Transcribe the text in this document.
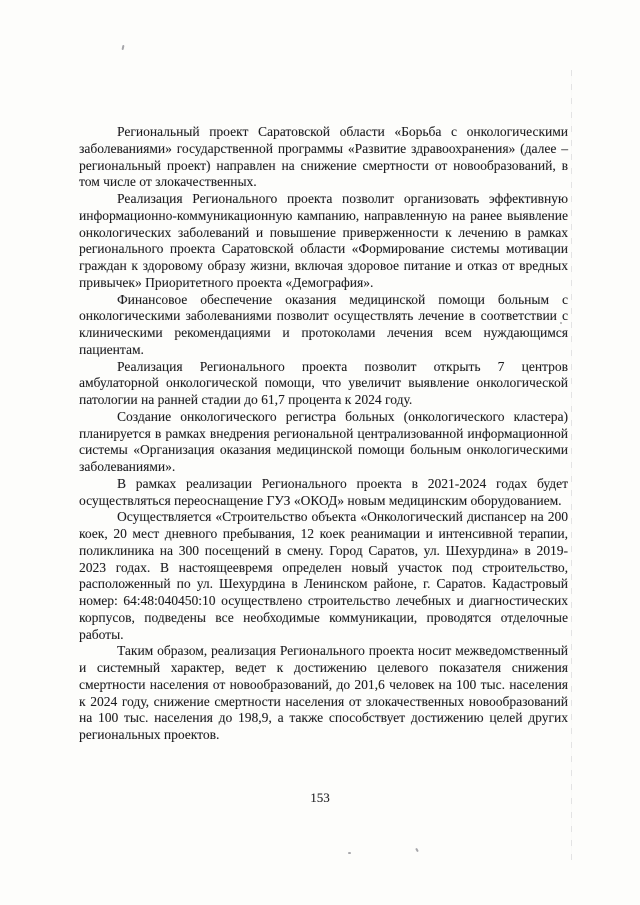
Региональный проект Саратовской области «Борьба с онкологическими заболеваниями» государственной программы «Развитие здравоохранения» (далее – региональный проект) направлен на снижение смертности от новообразований, в том числе от злокачественных.

Реализация Регионального проекта позволит организовать эффективную информационно-коммуникационную кампанию, направленную на ранее выявление онкологических заболеваний и повышение приверженности к лечению в рамках регионального проекта Саратовской области «Формирование системы мотивации граждан к здоровому образу жизни, включая здоровое питание и отказ от вредных привычек» Приоритетного проекта «Демография».

Финансовое обеспечение оказания медицинской помощи больным с онкологическими заболеваниями позволит осуществлять лечение в соответствии с клиническими рекомендациями и протоколами лечения всем нуждающимся пациентам.

Реализация Регионального проекта позволит открыть 7 центров амбулаторной онкологической помощи, что увеличит выявление онкологической патологии на ранней стадии до 61,7 процента к 2024 году.

Создание онкологического регистра больных (онкологического кластера) планируется в рамках внедрения региональной централизованной информационной системы «Организация оказания медицинской помощи больным онкологическими заболеваниями».

В рамках реализации Регионального проекта в 2021-2024 годах будет осуществляться переоснащение ГУЗ «ОКОД» новым медицинским оборудованием.

Осуществляется «Строительство объекта «Онкологический диспансер на 200 коек, 20 мест дневного пребывания, 12 коек реанимации и интенсивной терапии, поликлиника на 300 посещений в смену. Город Саратов, ул. Шехурдина» в 2019-2023 годах. В настоящеевремя определен новый участок под строительство, расположенный по ул. Шехурдина в Ленинском районе, г. Саратов. Кадастровый номер: 64:48:040450:10 осуществлено строительство лечебных и диагностических корпусов, подведены все необходимые коммуникации, проводятся отделочные работы.

Таким образом, реализация Регионального проекта носит межведомственный и системный характер, ведет к достижению целевого показателя снижения смертности населения от новообразований, до 201,6 человек на 100 тыс. населения к 2024 году, снижение смертности населения от злокачественных новообразований на 100 тыс. населения до 198,9, а также способствует достижению целей других региональных проектов.

153
